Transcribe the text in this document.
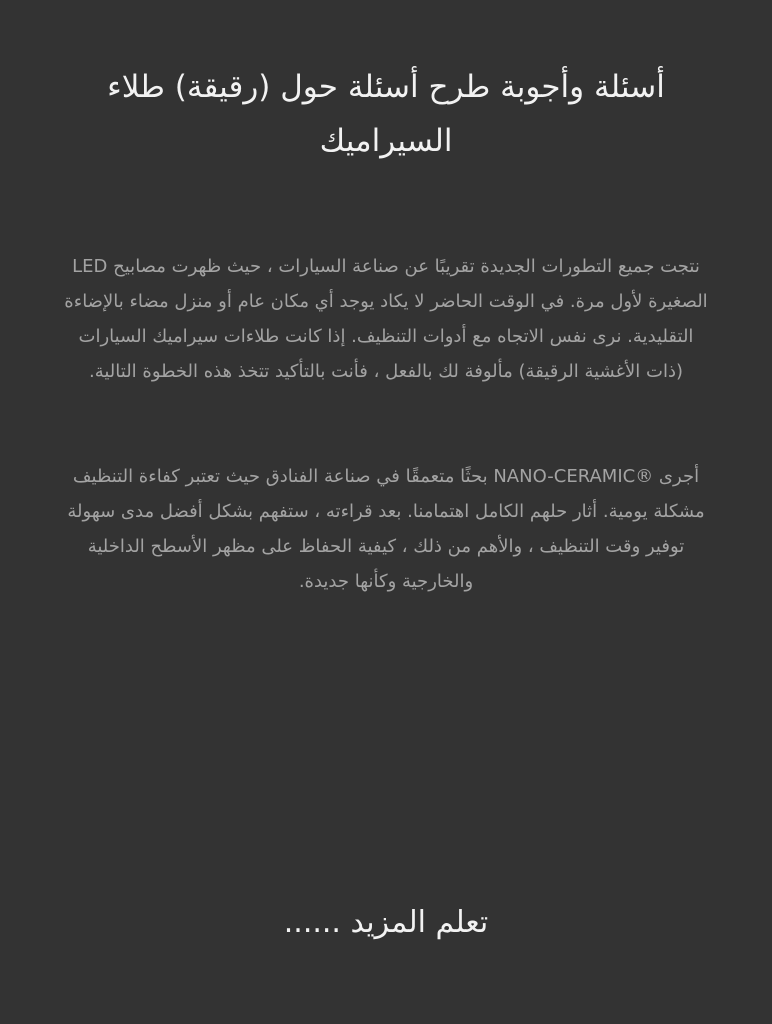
أسئلة وأجوبة طرح أسئلة حول (رقيقة) طلاء السيراميك

نتجت جميع التطورات الجديدة تقريبًا عن صناعة السيارات ، حيث ظهرت مصابيح LED الصغيرة لأول مرة. في الوقت الحاضر لا يكاد يوجد أي مكان عام أو منزل مضاء بالإضاءة التقليدية. نرى نفس الاتجاه مع أدوات التنظيف. إذا كانت طلاءات سيراميك السيارات (ذات الأغشية الرقيقة) مألوفة لك بالفعل ، فأنت بالتأكيد تتخذ هذه الخطوة التالية.

أجرى ®NANO-CERAMIC بحثًا متعمقًا في صناعة الفنادق حيث تعتبر كفاءة التنظيف مشكلة يومية. أثار حلهم الكامل اهتمامنا. بعد قراءته ، ستفهم بشكل أفضل مدى سهولة توفير وقت التنظيف ، والأهم من ذلك ، كيفية الحفاظ على مظهر الأسطح الداخلية والخارجية وكأنها جديدة.

تعلم المزيد ......
